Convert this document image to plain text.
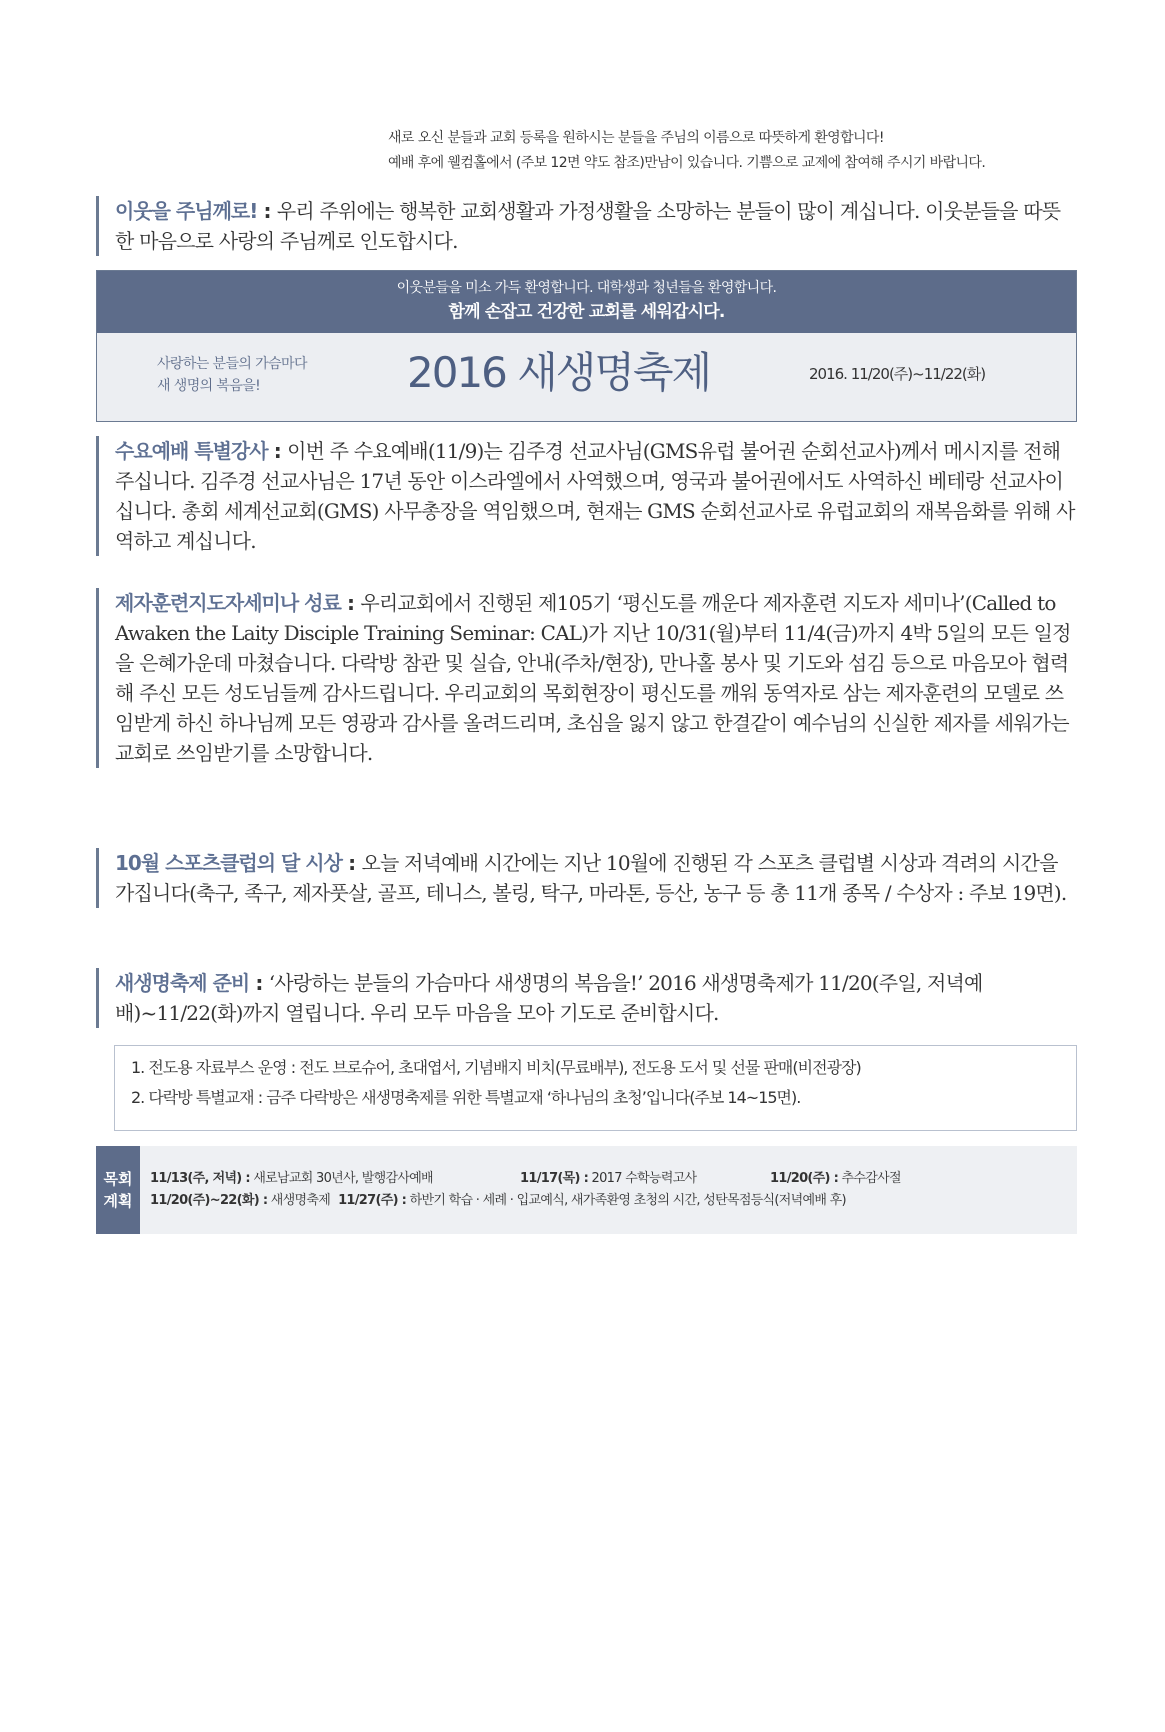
새로 오신 분들과 교회 등록을 원하시는 분들을 주님의 이름으로 따뜻하게 환영합니다!
예배 후에 웰컴홀에서 (주보 12면 약도 참조)만남이 있습니다. 기쁨으로 교제에 참여해 주시기 바랍니다.
이웃을 주님께로! : 우리 주위에는 행복한 교회생활과 가정생활을 소망하는 분들이 많이 계십니다. 이웃분들을 따뜻한 마음으로 사랑의 주님께로 인도합시다.
이웃분들을 미소 가득 환영합니다. 대학생과 청년들을 환영합니다.
함께 손잡고 건강한 교회를 세워갑시다.
사랑하는 분들의 가슴마다
새 생명의 복음을!	2016 새생명축제	2016. 11/20(주)~11/22(화)
수요예배 특별강사 : 이번 주 수요예배(11/9)는 김주경 선교사님(GMS유럽 불어권 순회선교사)께서 메시지를 전해 주십니다. 김주경 선교사님은 17년 동안 이스라엘에서 사역했으며, 영국과 불어권에서도 사역하신 베테랑 선교사이십니다. 총회 세계선교회(GMS) 사무총장을 역임했으며, 현재는 GMS 순회선교사로 유럽교회의 재복음화를 위해 사역하고 계십니다.
제자훈련지도자세미나 성료 : 우리교회에서 진행된 제105기 ‘평신도를 깨운다 제자훈련 지도자 세미나’(Called to Awaken the Laity Disciple Training Seminar: CAL)가 지난 10/31(월)부터 11/4(금)까지 4박 5일의 모든 일정을 은혜가운데 마쳤습니다. 다락방 참관 및 실습, 안내(주차/현장), 만나홀 봉사 및 기도와 섬김 등으로 마음모아 협력해 주신 모든 성도님들께 감사드립니다. 우리교회의 목회현장이 평신도를 깨워 동역자로 삼는 제자훈련의 모델로 쓰임받게 하신 하나님께 모든 영광과 감사를 올려드리며, 초심을 잃지 않고 한결같이 예수님의 신실한 제자를 세워가는 교회로 쓰임받기를 소망합니다.
10월 스포츠클럽의 달 시상 : 오늘 저녁예배 시간에는 지난 10월에 진행된 각 스포츠 클럽별 시상과 격려의 시간을 가집니다(축구, 족구, 제자풋살, 골프, 테니스, 볼링, 탁구, 마라톤, 등산, 농구 등 총 11개 종목 / 수상자 : 주보 19면).
새생명축제 준비 : ‘사랑하는 분들의 가슴마다 새생명의 복음을!’ 2016 새생명축제가 11/20(주일, 저녁예배)~11/22(화)까지 열립니다. 우리 모두 마음을 모아 기도로 준비합시다.
1. 전도용 자료부스 운영 : 전도 브로슈어, 초대엽서, 기념배지 비치(무료배부), 전도용 도서 및 선물 판매(비전광장)
2. 다락방 특별교재 : 금주 다락방은 새생명축제를 위한 특별교재 ‘하나님의 초청’입니다(주보 14~15면).
목회
계획
11/13(주, 저녁) : 새로남교회 30년사, 발행감사예배	11/17(목) : 2017 수학능력고사	11/20(주) : 추수감사절
11/20(주)~22(화) : 새생명축제 11/27(주) : 하반기 학습 · 세례 · 입교예식, 새가족환영 초청의 시간, 성탄목점등식(저녁예배 후)
